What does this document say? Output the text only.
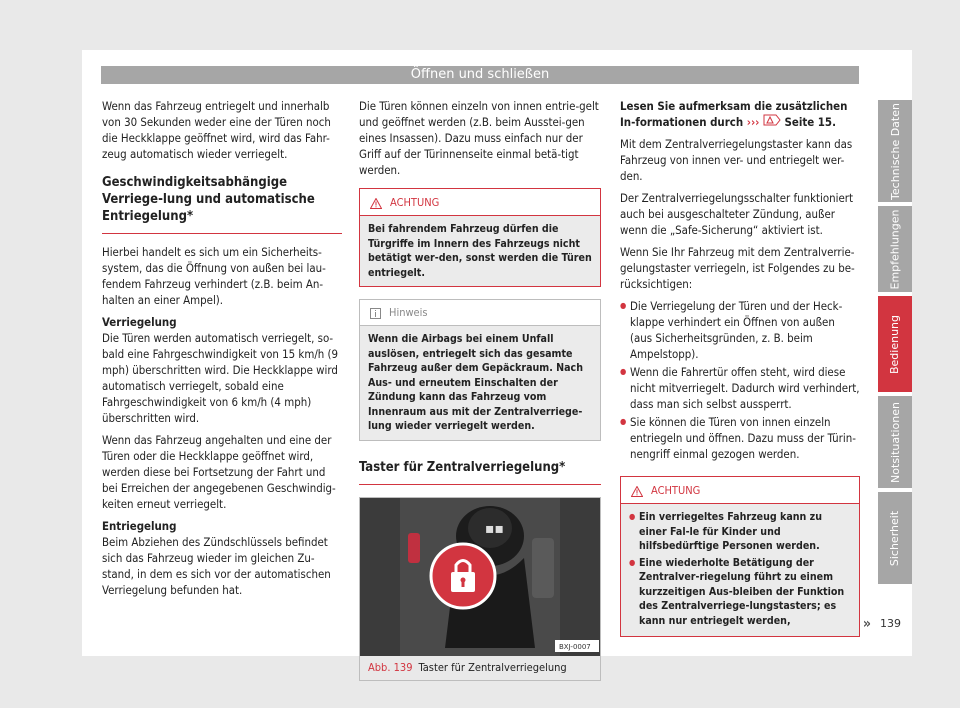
Öffnen und schließen

Wenn das Fahrzeug entriegelt und innerhalb von 30 Sekunden weder eine der Türen noch die Heckklappe geöffnet wird, wird das Fahr-zeug automatisch wieder verriegelt.

Geschwindigkeitsabhängige Verriege-lung und automatische Entriegelung*

Hierbei handelt es sich um ein Sicherheits-system, das die Öffnung von außen bei lau-fendem Fahrzeug verhindert (z.B. beim An-halten an einer Ampel).

Verriegelung

Die Türen werden automatisch verriegelt, so-bald eine Fahrgeschwindigkeit von 15 km/h (9 mph) überschritten wird. Die Heckklappe wird automatisch verriegelt, sobald eine Fahrgeschwindigkeit von 6 km/h (4 mph) überschritten wird.

Wenn das Fahrzeug angehalten und eine der Türen oder die Heckklappe geöffnet wird, werden diese bei Fortsetzung der Fahrt und bei Erreichen der angegebenen Geschwindig-keiten erneut verriegelt.

Entriegelung

Beim Abziehen des Zündschlüssels befindet sich das Fahrzeug wieder im gleichen Zu-stand, in dem es sich vor der automatischen Verriegelung befunden hat.

Die Türen können einzeln von innen entrie-gelt und geöffnet werden (z.B. beim Ausstei-gen eines Insassen). Dazu muss einfach nur der Griff auf der Türinnenseite einmal betä-tigt werden.

ACHTUNG
Bei fahrendem Fahrzeug dürfen die Türgriffe im Innern des Fahrzeugs nicht betätigt wer-den, sonst werden die Türen entriegelt.
Hinweis
Wenn die Airbags bei einem Unfall auslösen, entriegelt sich das gesamte Fahrzeug außer dem Gepäckraum. Nach Aus- und erneutem Einschalten der Zündung kann das Fahrzeug vom Innenraum aus mit der Zentralverriege-lung wieder verriegelt werden.
Taster für Zentralverriegelung*
▪▪
BXJ-0007
Abb. 139 Taster für Zentralverriegelung

Lesen Sie aufmerksam die zusätzlichen In-formationen durch ››› Seite 15.

Mit dem Zentralverriegelungstaster kann das Fahrzeug von innen ver- und entriegelt wer-den.

Der Zentralverriegelungsschalter funktioniert auch bei ausgeschalteter Zündung, außer wenn die „Safe-Sicherung“ aktiviert ist.

Wenn Sie Ihr Fahrzeug mit dem Zentralverrie-gelungstaster verriegeln, ist Folgendes zu be-rücksichtigen:

● Die Verriegelung der Türen und der Heck-klappe verhindert ein Öffnen von außen (aus Sicherheitsgründen, z. B. beim Ampelstopp).
● Wenn die Fahrertür offen steht, wird diese nicht mitverriegelt. Dadurch wird verhindert, dass man sich selbst aussperrt.
● Sie können die Türen von innen einzeln entriegeln und öffnen. Dazu muss der Türin-nengriff einmal gezogen werden.
ACHTUNG
● Ein verriegeltes Fahrzeug kann zu einer Fal-le für Kinder und hilfsbedürftige Personen werden.
● Eine wiederholte Betätigung der Zentralver-riegelung führt zu einem kurzzeitigen Aus-bleiben der Funktion des Zentralverriege-lungstasters; es kann nur entriegelt werden,	»
Technische Daten
Empfehlungen
Bedienung
Notsituationen
Sicherheit
139
